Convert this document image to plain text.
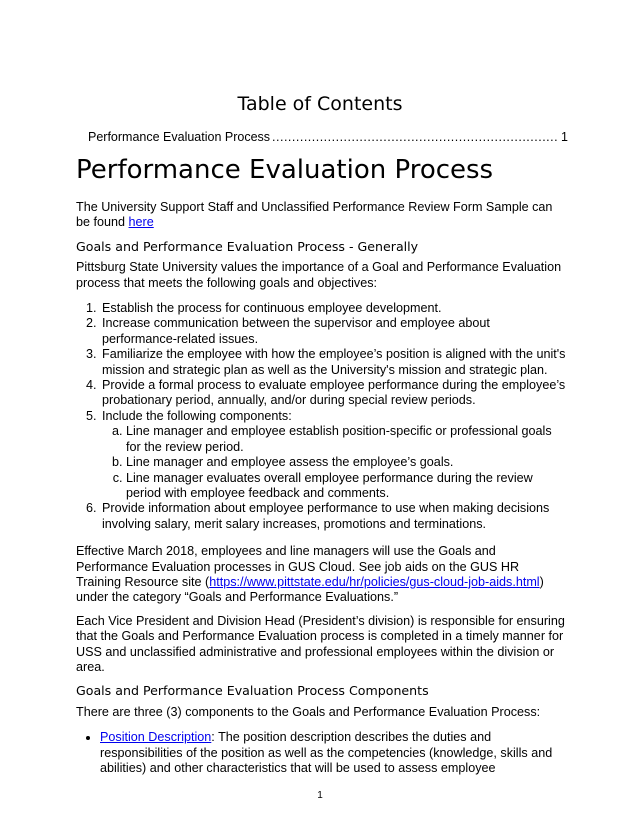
Table of Contents
Performance Evaluation Process
.....	1
Performance Evaluation Process

The University Support Staff and Unclassified Performance Review Form Sample can be found here

Goals and Performance Evaluation Process - Generally

Pittsburg State University values the importance of a Goal and Performance Evaluation process that meets the following goals and objectives:

1. Establish the process for continuous employee development.
2. Increase communication between the supervisor and employee about performance-related issues.
3. Familiarize the employee with how the employee’s position is aligned with the unit's mission and strategic plan as well as the University's mission and strategic plan.
4. Provide a formal process to evaluate employee performance during the employee’s probationary period, annually, and/or during special review periods.
5. Include the following components:
a. Line manager and employee establish position-specific or professional goals for the review period.
b. Line manager and employee assess the employee’s goals.
c. Line manager evaluates overall employee performance during the review period with employee feedback and comments.
6. Provide information about employee performance to use when making decisions involving salary, merit salary increases, promotions and terminations.

Effective March 2018, employees and line managers will use the Goals and Performance Evaluation processes in GUS Cloud. See job aids on the GUS HR Training Resource site (https://www.pittstate.edu/hr/policies/gus-cloud-job-aids.html) under the category “Goals and Performance Evaluations.”

Each Vice President and Division Head (President’s division) is responsible for ensuring that the Goals and Performance Evaluation process is completed in a timely manner for USS and unclassified administrative and professional employees within the division or area.

Goals and Performance Evaluation Process Components

There are three (3) components to the Goals and Performance Evaluation Process:

• Position Description: The position description describes the duties and responsibilities of the position as well as the competencies (knowledge, skills and abilities) and other characteristics that will be used to assess employee
1
